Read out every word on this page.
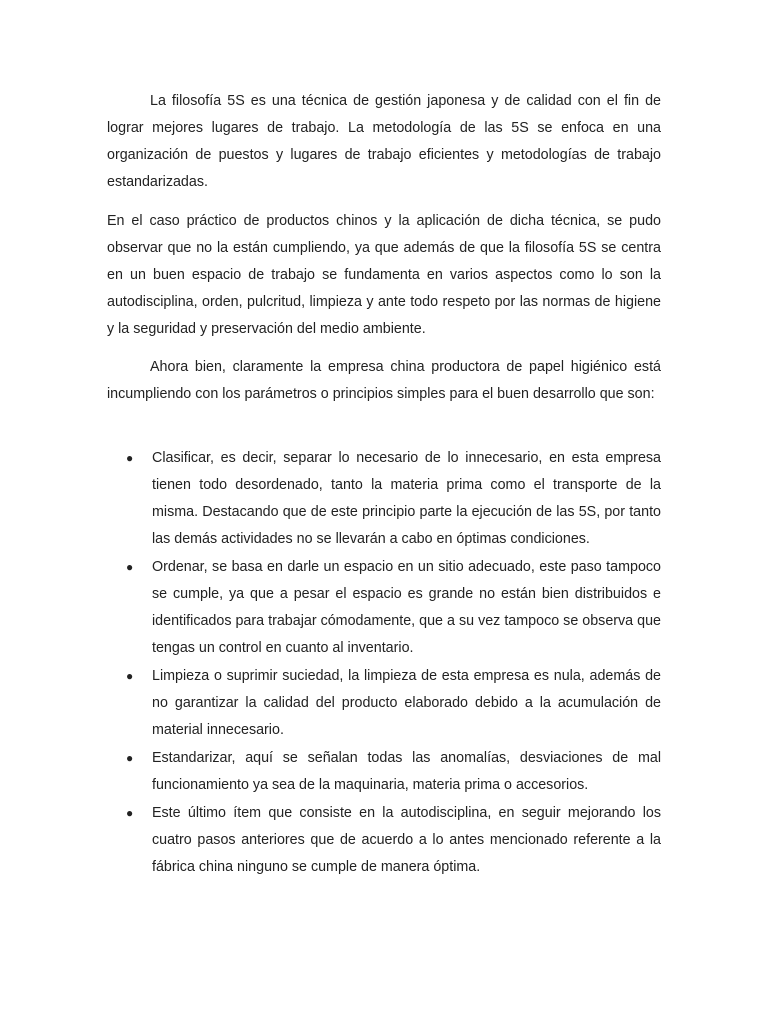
La filosofía 5S es una técnica de gestión japonesa y de calidad con el fin de lograr mejores lugares de trabajo. La metodología de las 5S se enfoca en una organización de puestos y lugares de trabajo eficientes y metodologías de trabajo estandarizadas.

En el caso práctico de productos chinos y la aplicación de dicha técnica, se pudo observar que no la están cumpliendo, ya que además de que la filosofía 5S se centra en un buen espacio de trabajo se fundamenta en varios aspectos como lo son la autodisciplina, orden, pulcritud, limpieza y ante todo respeto por las normas de higiene y la seguridad y preservación del medio ambiente.

Ahora bien, claramente la empresa china productora de papel higiénico está incumpliendo con los parámetros o principios simples para el buen desarrollo que son:

● Clasificar, es decir, separar lo necesario de lo innecesario, en esta empresa tienen todo desordenado, tanto la materia prima como el transporte de la misma. Destacando que de este principio parte la ejecución de las 5S, por tanto las demás actividades no se llevarán a cabo en óptimas condiciones.
● Ordenar, se basa en darle un espacio en un sitio adecuado, este paso tampoco se cumple, ya que a pesar el espacio es grande no están bien distribuidos e identificados para trabajar cómodamente, que a su vez tampoco se observa que tengas un control en cuanto al inventario.
● Limpieza o suprimir suciedad, la limpieza de esta empresa es nula, además de no garantizar la calidad del producto elaborado debido a la acumulación de material innecesario.
● Estandarizar, aquí se señalan todas las anomalías, desviaciones de mal funcionamiento ya sea de la maquinaria, materia prima o accesorios.
● Este último ítem que consiste en la autodisciplina, en seguir mejorando los cuatro pasos anteriores que de acuerdo a lo antes mencionado referente a la fábrica china ninguno se cumple de manera óptima.
